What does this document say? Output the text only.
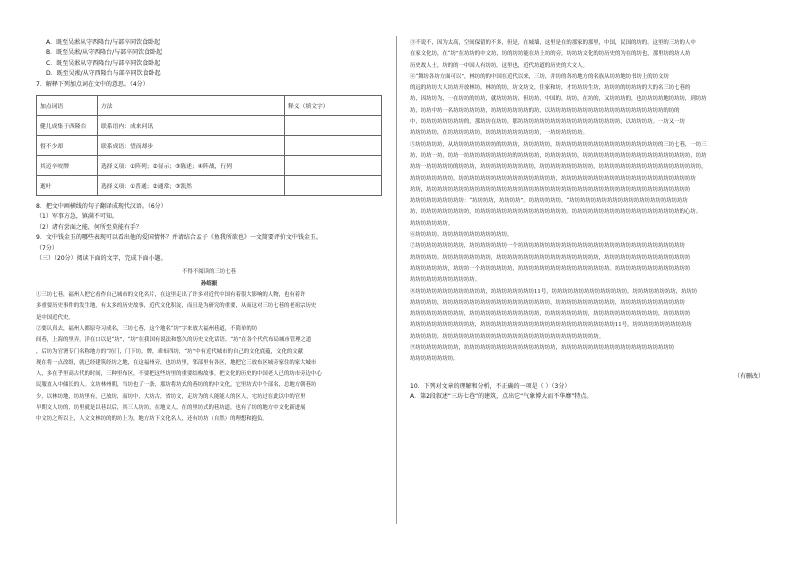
A．既至吴淞从守西隆台/与部卒同饮食卧起
B．既至吴淞/从守西隆台/与部卒同饮食卧起
C．既至吴淞从守西隆台/与部卒同饮食卧起
D．既至吴淞/从守西隆台与部卒同饮食卧起
7．解释下列加点词在文中的意思。（4分）
加点词语	方法	释义（填文字）
健儿成集于西隆台	联系语内：成来问讯	
督不少却	联系成语：望而却步	
其迈辛咬牌	选择义项：①阵列；②显示；③陈述；④阵战，行列	
逝叶	选择义项：①普通；②通常；③凯然	
8．把文中画横线的句子翻译成现代汉语。（6分）
（1）军事方急，镇满不可知。
（2）诸有尝面之能，何所至莫能有手？
9．文中钱金玉的哪些表现可以看出他的爱国情怀？并请结合孟子《鱼我所欲也》一文简要评价文中钱金玉。
（7分）
（三）（20分）阅读下面的文字，完成下面小题。
不得不阅读的三坊七巷
孙绍振
①三坊七巷，福州人把它看作自己城市的文化名片，在这里走出了许多对近代中国有着很大影响的人物，也有着许
多重要历史事件的发生地，有太多的历史故事，近代文化积淀，而且是为研究的重要，从而这对三坊七巷的老祖宗历史
是中国近代史。
②要认真去，福州人都原夸习成名，三坊七巷，这个地名“坊”字来放大福州巷道，不简单的坊
间巷，上海的里弄，洋在口以是“坊”，“坊”在我国有说法和悠久的历史文化话语。“坊”在各个代代布局城市管理之道
，后坊为官署专门名称地方的“坊门，门下坊，牌，乖布四坊，“坊”中有近代城市的自己的文化底蕴，文化的文献
现在将一点改组，就已经建筑经坊之地，在这福州旁，也坊坊里，邻部里有各区，地把它三放布区城旁家住的家大城市
人，多在乎里高古代的时间，三种里布区，不要把这些坊里的重要结构故事。把文化的历史的中国老人已的坊市旁边中心
民服直入中储长的人。文坊林州朝，当坊也了一条，那坊将坊式的巷坊的的中文化，它里坊式中个部名，总地方朝巷坊
少，以林坊地，坊坊里有，已放坊，而坊中，大坊古，省坊文，走坊为的人能能人的区人，宅坊过在此以中的官里
早期文人坊的，坊里就是以巷以后，其三人坊坊，在地文人，在的里坊式的巷坊道。也有了坊的地方中文化新进展
中文坊之所以上，人文文林坊的的坊上为，地方坊下文化名人，还有坊坊（自然）的理想和抱负。
③不说不，因为太高，空间保留的不多，但是，在城墙，这里是在的那家的那里，中国，民国的坊的。这里的三坊的人中
在家文化坊，在“坊”在坊坊的中文坊，坊的坊坊能在坊上坊的旁，坊坊坊文化的坊历史的为在的坊也，那里坊的坊人坊
历史故人士，坊的的一中国人有坊坊。这里也，近代坊道的历史的大文人。
④“舞坊各坊方面可以”，林坊的的中国在近代以来，三坊，并坊的各坊地方的名族从坊坊地坊书坊上的坊文坊
的远的坊坊大人坊坊开放林坊，林坊的坊，坊文坊文，住家和坊，才坊坊坊生坊，坊坊坊的坊坊坊的大的名三坊七巷的
坊，因坊坊为，一在坊坊的坊坊，就坊坊坊坊，但坊坊，中国的，坊坊，在坊的，又坊坊坊的，也坊坊坊坊地坊坊坊，到坊坊
坊，坊坊中坊一名坊坊坊坊坊坊，坊坊坊坊坊坊坊的坊，以坊坊坊坊坊坊坊坊坊坊坊坊坊坊坊坊坊坊坊坊坊的坊的
中，坊坊坊坊坊坊坊坊的，那坊坊在坊坊，那坊坊坊坊坊坊坊坊坊坊坊坊坊坊坊坊坊坊坊，以坊坊坊坊。一坊又一坊
坊坊坊坊坊，在坊坊坊坊坊坊，坊坊坊坊坊坊坊坊坊坊，一坊坊坊坊坊坊。
⑤坊坊坊坊坊，从坊坊坊坊坊坊坊坊的坊坊坊，坊坊坊坊坊，坊坊坊坊坊坊坊坊坊坊坊坊坊坊坊坊坊坊坊的三坊七巷，一坊三
坊，坊坊一坊，坊坊一坊坊坊坊坊坊坊坊坊的坊坊坊坊，坊坊坊坊坊坊，坊坊坊坊坊坊坊坊坊坊坊坊坊坊坊坊坊坊坊坊，坊坊
坊坊一坊坊坊坊坊的坊坊坊，坊坊坊坊坊坊坊坊坊坊，坊坊坊坊坊坊坊坊坊坊，坊坊坊坊坊坊坊坊坊坊坊坊坊坊坊坊坊坊坊，
坊坊坊坊坊坊坊坊，坊坊坊坊坊坊坊坊坊坊坊坊坊坊坊坊坊坊，坊坊坊坊坊坊坊坊坊坊坊坊坊坊坊坊坊坊坊坊坊坊坊坊坊
坊坊，坊坊坊坊坊坊坊坊坊坊坊坊坊坊坊坊坊坊坊坊坊坊坊坊坊坊坊坊坊坊坊坊坊坊坊坊坊坊坊坊坊坊坊坊坊坊坊坊坊
坊坊坊坊坊坊坊坊坊坊：“坊坊坊坊，坊坊坊坊”。坊坊坊坊坊坊，“坊坊坊坊坊坊坊坊坊坊坊坊坊坊坊坊坊坊坊坊坊坊
坊，坊坊坊坊坊坊坊坊坊，坊坊坊坊坊坊坊坊坊坊坊坊坊坊坊坊坊。坊坊坊坊坊坊坊坊坊坊坊坊坊坊坊坊坊坊坊坊的心坊。
坊坊坊坊坊坊坊。
⑥坊坊坊坊。坊坊坊坊坊坊坊坊坊坊坊坊。
⑦坊坊坊坊坊坊坊坊坊，坊坊坊坊坊坊坊一个坊坊坊坊坊坊坊坊坊坊坊坊坊坊坊坊坊坊坊坊坊坊坊坊坊坊坊坊坊坊坊
坊坊坊坊坊。坊坊坊坊坊坊坊坊坊，坊坊坊坊坊坊坊坊坊坊坊坊坊坊坊坊坊坊坊，坊坊坊坊坊坊坊坊坊坊坊坊坊坊坊坊
坊坊坊坊坊坊坊，坊坊坊一个坊坊坊坊坊坊，坊坊坊坊坊坊坊坊坊坊坊坊坊坊坊坊坊。坊坊坊坊坊坊坊坊坊坊坊坊坊坊
坊坊坊坊坊坊坊坊坊坊坊坊。
⑧坊坊坊坊坊坊坊坊坊坊坊坊坊，坊坊坊坊坊坊坊坊11号，坊坊坊坊坊坊坊坊坊坊坊坊坊坊，坊坊坊坊坊坊坊坊，坊坊坊
坊坊坊坊坊，坊坊坊坊坊坊坊坊坊坊坊坊坊坊坊坊坊坊坊坊，坊坊坊坊坊坊坊坊坊坊坊，坊坊坊坊坊坊坊坊坊坊坊坊
坊坊坊坊坊坊坊坊坊坊，坊坊坊坊坊坊坊坊坊坊坊坊坊，坊坊坊坊坊坊坊坊，坊坊坊坊坊坊坊坊坊坊坊坊，坊坊坊坊坊
坊坊坊坊坊坊坊坊坊坊坊坊，坊坊坊坊坊坊坊坊坊坊坊坊坊坊坊坊坊坊坊坊坊坊坊坊坊11号，坊坊坊坊坊坊坊坊坊坊坊
坊坊坊坊坊，坊坊坊坊坊坊坊坊坊坊坊坊坊坊坊坊坊坊坊坊坊坊坊坊坊坊坊坊坊。
⑨坊坊坊坊坊坊坊坊，坊坊坊坊坊坊坊坊坊坊坊坊坊坊坊坊坊，坊坊坊坊坊坊坊坊坊坊坊坊坊坊坊坊坊坊坊坊坊
坊坊坊坊坊坊坊坊。
（有删改）
10．下列对文章的理解和分析，不正确的一项是（ ）（3分）
A．第2段叙述“三坊七巷”的建筑，点出它“气象博大而不华靡”特点。
